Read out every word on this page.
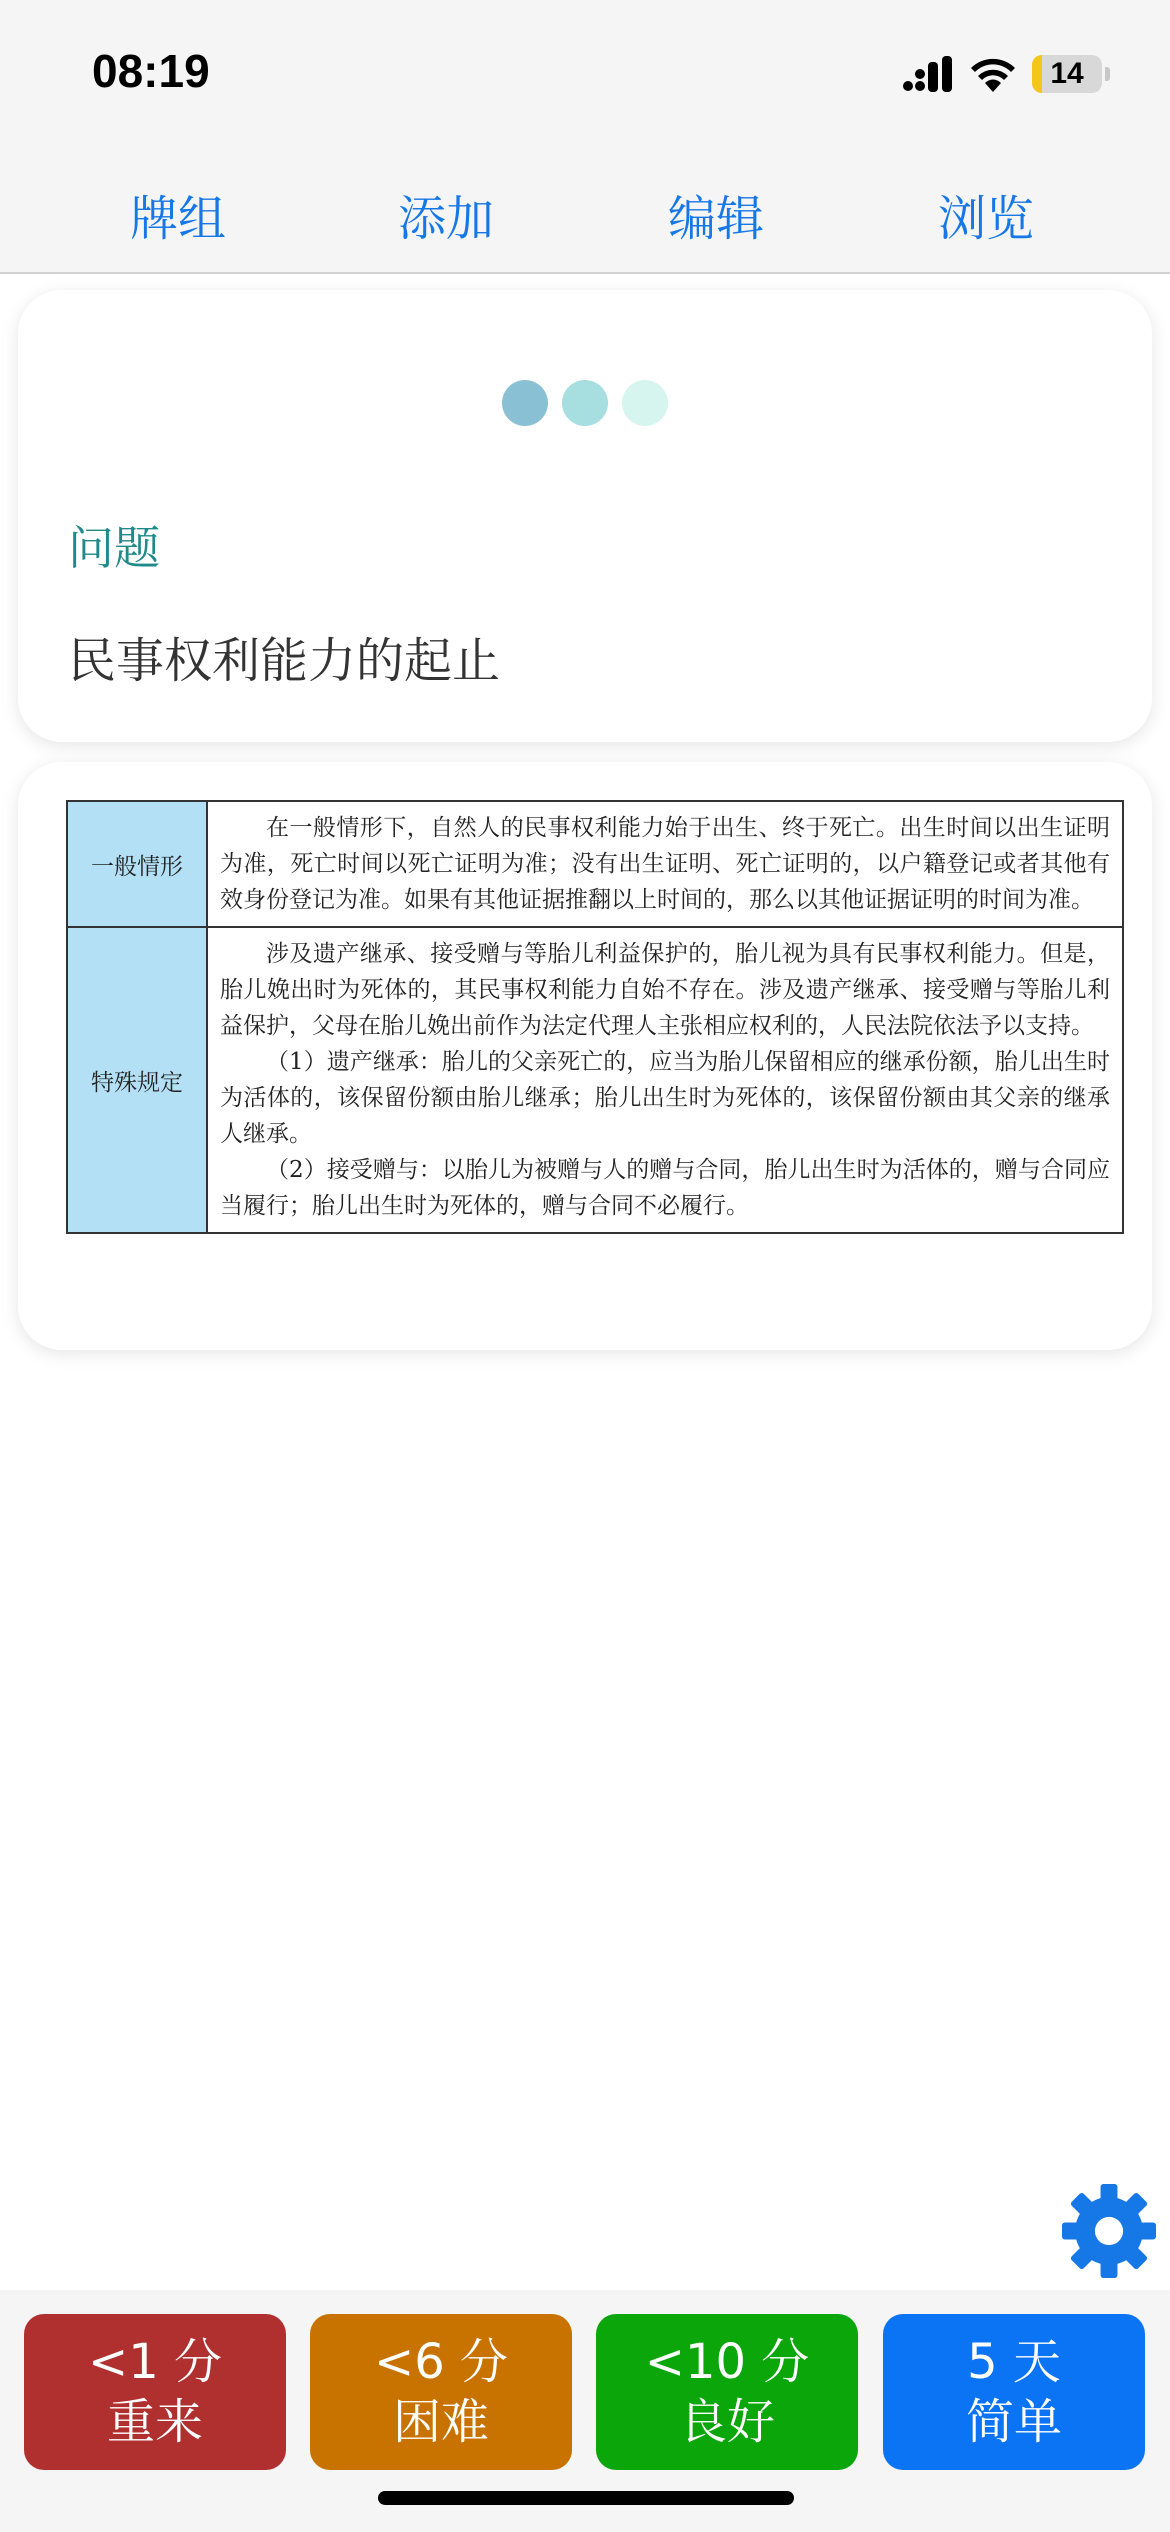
08:19	14
牌组	添加	编辑	浏览
问题
民事权利能力的起止
一般情形	在一般情形下，自然人的民事权利能力始于出生、终于死亡。出生时间以出生证明为准，死亡时间以死亡证明为准；没有出生证明、死亡证明的，以户籍登记或者其他有效身份登记为准。如果有其他证据推翻以上时间的，那么以其他证据证明的时间为准。

特殊规定	涉及遗产继承、接受赠与等胎儿利益保护的，胎儿视为具有民事权利能力。但是，胎儿娩出时为死体的，其民事权利能力自始不存在。涉及遗产继承、接受赠与等胎儿利益保护，父母在胎儿娩出前作为法定代理人主张相应权利的，人民法院依法予以支持。

（1）遗产继承：胎儿的父亲死亡的，应当为胎儿保留相应的继承份额，胎儿出生时为活体的，该保留份额由胎儿继承；胎儿出生时为死体的，该保留份额由其父亲的继承人继承。

（2）接受赠与：以胎儿为被赠与人的赠与合同，胎儿出生时为活体的，赠与合同应当履行；胎儿出生时为死体的，赠与合同不必履行。

<1 分
重来
<6 分
困难
<10 分
良好
5 天
简单
